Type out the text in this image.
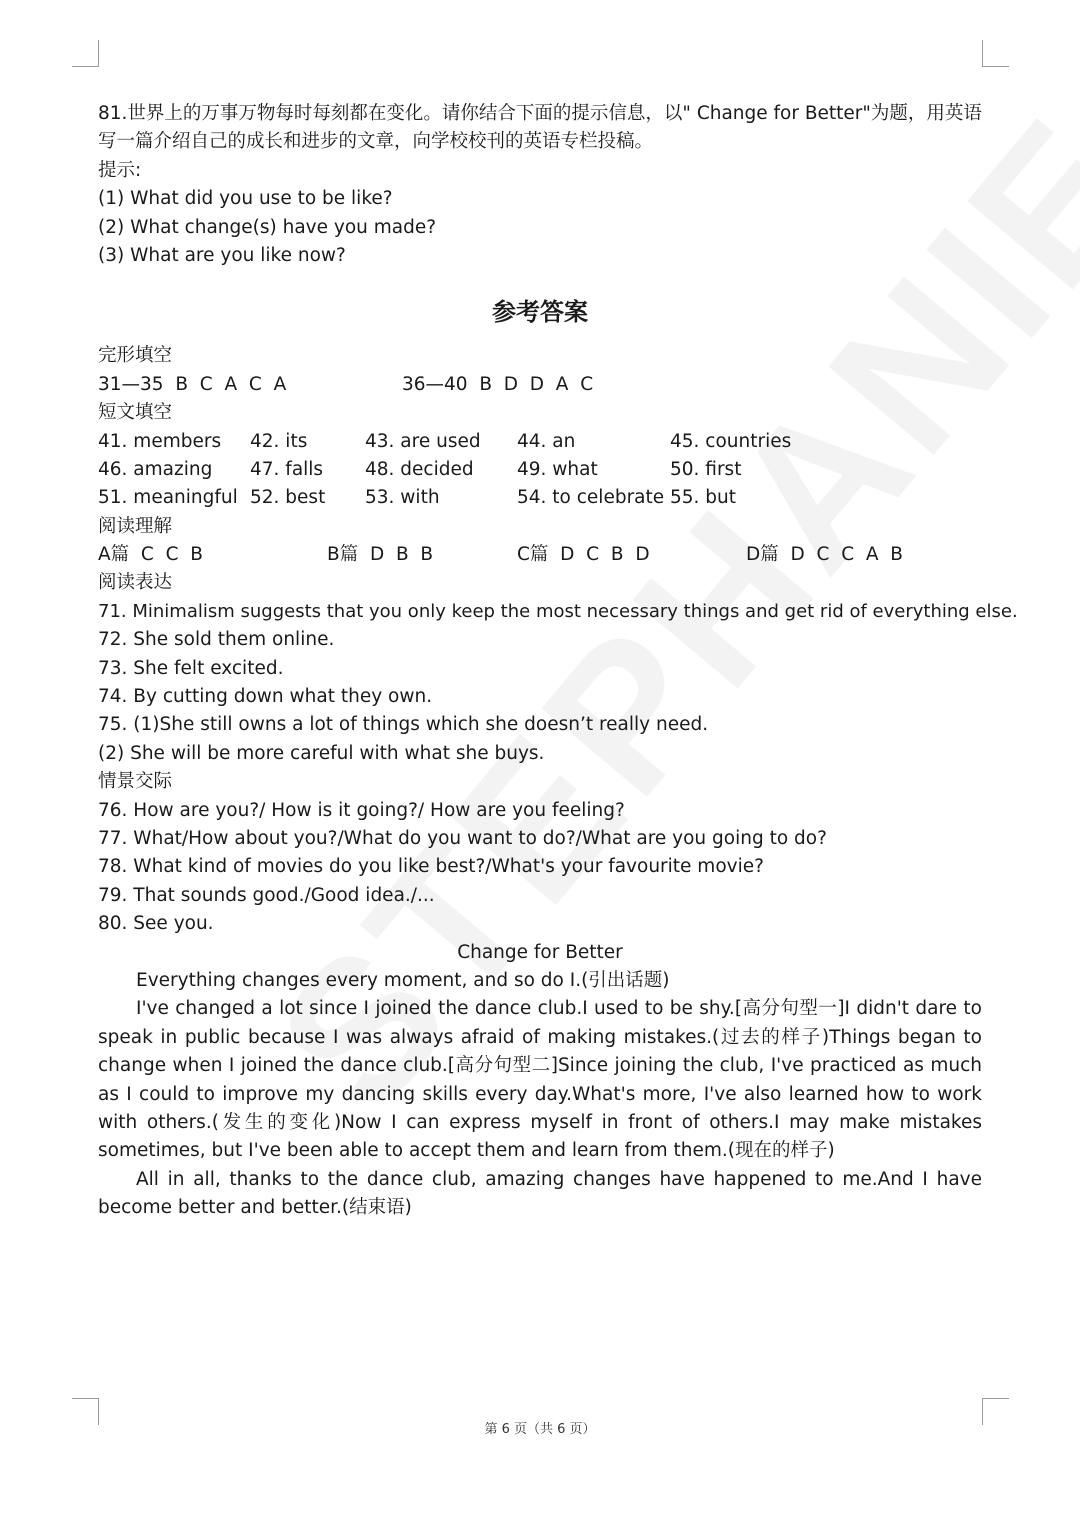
81.世界上的万事万物每时每刻都在变化。请你结合下面的提示信息，以" Change for Better"为题，用英语
写一篇介绍自己的成长和进步的文章，向学校校刊的英语专栏投稿。
提示:
(1) What did you use to be like?
(2) What change(s) have you made?
(3) What are you like now?
参考答案
完形填空
31—35  B  C  A  C  A	36—40  B  D  D  A  C
短文填空
41. members	42. its	43. are used	44. an	45. countries
46. amazing	47. falls	48. decided	49. what	50. first
51. meaningful 52. best	53. with	54. to celebrate 55. but
阅读理解
A篇  C  C  B	B篇  D  B  B	C篇  D  C  B  D	D篇  D  C  C  A  B
阅读表达
71. Minimalism suggests that you only keep the most necessary things and get rid of everything else.
72. She sold them online.
73. She felt excited.
74. By cutting down what they own.
75. (1)She still owns a lot of things which she doesn’t really need.
(2) She will be more careful with what she buys.
情景交际
76. How are you?/ How is it going?/ How are you feeling?
77. What/How about you?/What do you want to do?/What are you going to do?
78. What kind of movies do you like best?/What's your favourite movie?
79. That sounds good./Good idea./...
80. See you.
Change for Better
Everything changes every moment, and so do I.(引出话题)
I've changed a lot since I joined the dance club.I used to be shy.[高分句型一]I didn't dare to speak in public because I was always afraid of making mistakes.(过去的样子)Things began to change when I joined the dance club.[高分句型二]Since joining the club, I've practiced as much as I could to improve my dancing skills every day.What's more, I've also learned how to work with others.(发生的变化)Now I can express myself in front of others.I may make mistakes sometimes, but I've been able to accept them and learn from them.(现在的样子)
All in all, thanks to the dance club, amazing changes have happened to me.And I have become better and better.(结束语)
第 6 页（共 6 页）
